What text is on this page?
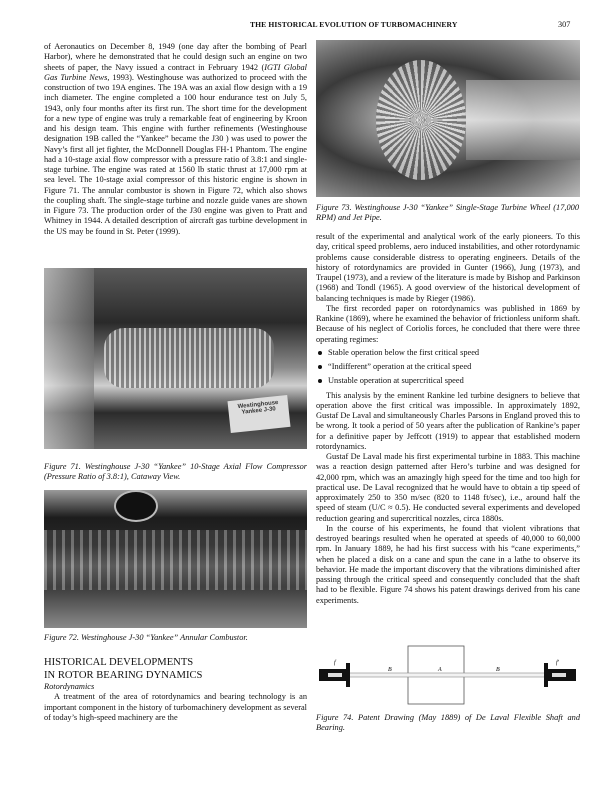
THE HISTORICAL EVOLUTION OF TURBOMACHINERY	307

of Aeronautics on December 8, 1949 (one day after the bombing of Pearl Harbor), where he demonstrated that he could design such an engine on two sheets of paper, the Navy issued a contract in February 1942 (IGTI Global Gas Turbine News, 1993). Westinghouse was authorized to proceed with the construction of two 19A engines. The 19A was an axial flow design with a 19 inch diameter. The engine completed a 100 hour endurance test on July 5, 1943, only four months after its first run. The short time for the development for a new type of engine was truly a remarkable feat of engineering by Kroon and his design team. This engine with further refinements (Westinghouse designation 19B called the “Yankee” became the J30 ) was used to power the Navy’s first all jet fighter, the McDonnell Douglas FH-1 Phantom. The engine had a 10-stage axial flow compressor with a pressure ratio of 3.8:1 and single-stage turbine. The engine was rated at 1560 lb static thrust at 17,000 rpm at sea level. The 10-stage axial compressor of this historic engine is shown in Figure 71. The annular combustor is shown in Figure 72, which also shows the coupling shaft. The single-stage turbine and nozzle guide vanes are shown in Figure 73. The production order of the J30 engine was given to Pratt and Whitney in 1944. A detailed description of aircraft gas turbine development in the US may be found in St. Peter (1999).

Westinghouse Yankee J-30
Figure 71. Westinghouse J-30 “Yankee” 10-Stage Axial Flow Compressor (Pressure Ratio of 3.8:1), Cataway View.
Figure 72. Westinghouse J-30 “Yankee” Annular Combustor.

HISTORICAL DEVELOPMENTS

IN ROTOR BEARING DYNAMICS

Rotordynamics

A treatment of the area of rotordynamics and bearing technology is an important component in the history of turbomachinery development as several of today’s high-speed machinery are the

Figure 73. Westinghouse J-30 “Yankee” Single-Stage Turbine Wheel (17,000 RPM) and Jet Pipe.

result of the experimental and analytical work of the early pioneers. To this day, critical speed problems, aero induced instabilities, and other rotordynamic problems cause considerable distress to operating engineers. Details of the history of rotordynamics are provided in Gunter (1966), Jung (1973), and Traupel (1973), and a review of the literature is made by Bishop and Parkinson (1968) and Tondl (1965). A good overview of the historical development of balancing techniques is made by Rieger (1986).

The first recorded paper on rotordynamics was published in 1869 by Rankine (1869), where he examined the behavior of frictionless uniform shaft. Because of his neglect of Coriolis forces, he concluded that there were three operating regimes:

Stable operation below the first critical speed
“Indifferent” operation at the critical speed
Unstable operation at supercritical speed

This analysis by the eminent Rankine led turbine designers to believe that operation above the first critical was impossible. In approximately 1892, Gustaf De Laval and simultaneously Charles Parsons in England proved this to be wrong. It took a period of 50 years after the publication of Rankine’s paper for a definitive paper by Jeffcott (1919) to appear that established modern rotordynamics.

Gustaf De Laval made his first experimental turbine in 1883. This machine was a reaction design patterned after Hero’s turbine and was designed for 42,000 rpm, which was an amazingly high speed for the time and too high for practical use. De Laval recognized that he would have to obtain a tip speed of approximately 250 to 350 m/sec (820 to 1148 ft/sec), i.e., around half the speed of steam (U/C ≈ 0.5). He conducted several experiments and developed reduction gearing and supercritical nozzles, circa 1880s.

In the course of his experiments, he found that violent vibrations that destroyed bearings resulted when he operated at speeds of 40,000 to 60,000 rpm. In January 1889, he had his first success with his “cane experiments,” when he placed a disk on a cane and spun the cane in a lathe to observe its behavior. He made the important discovery that the vibrations diminished after passing through the critical speed and consequently concluded that the shaft had to be flexible. Figure 74 shows his patent drawings derived from his cane experiments.

f
B	A	B
f'
Figure 74. Patent Drawing (May 1889) of De Laval Flexible Shaft and Bearing.
